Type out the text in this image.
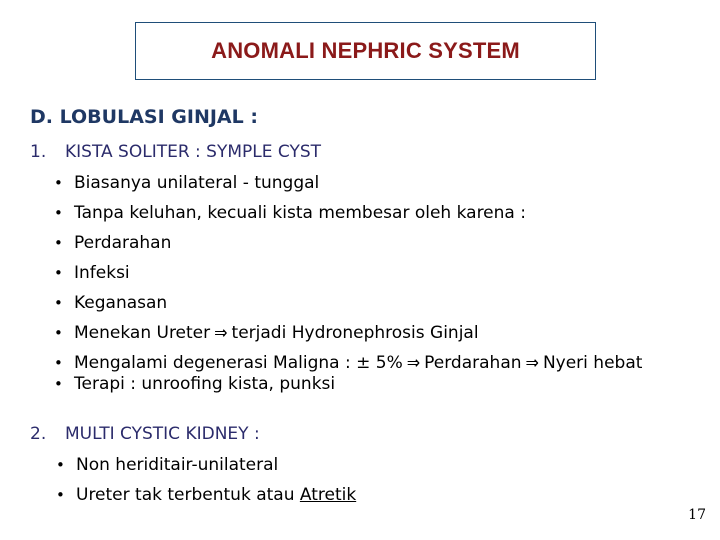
ANOMALI NEPHRIC SYSTEM
D. LOBULASI GINJAL :
1. KISTA SOLITER : SYMPLE CYST
• Biasanya unilateral - tunggal
• Tanpa keluhan, kecuali kista membesar oleh karena :
• Perdarahan
• Infeksi
• Keganasan
• Menekan Ureter ⇒ terjadi Hydronephrosis Ginjal
• Mengalami degenerasi Maligna : ± 5% ⇒ Perdarahan ⇒ Nyeri hebat
• Terapi : unroofing kista, punksi
2. MULTI CYSTIC KIDNEY :
• Non heriditair-unilateral
• Ureter tak terbentuk atau Atretik
17
